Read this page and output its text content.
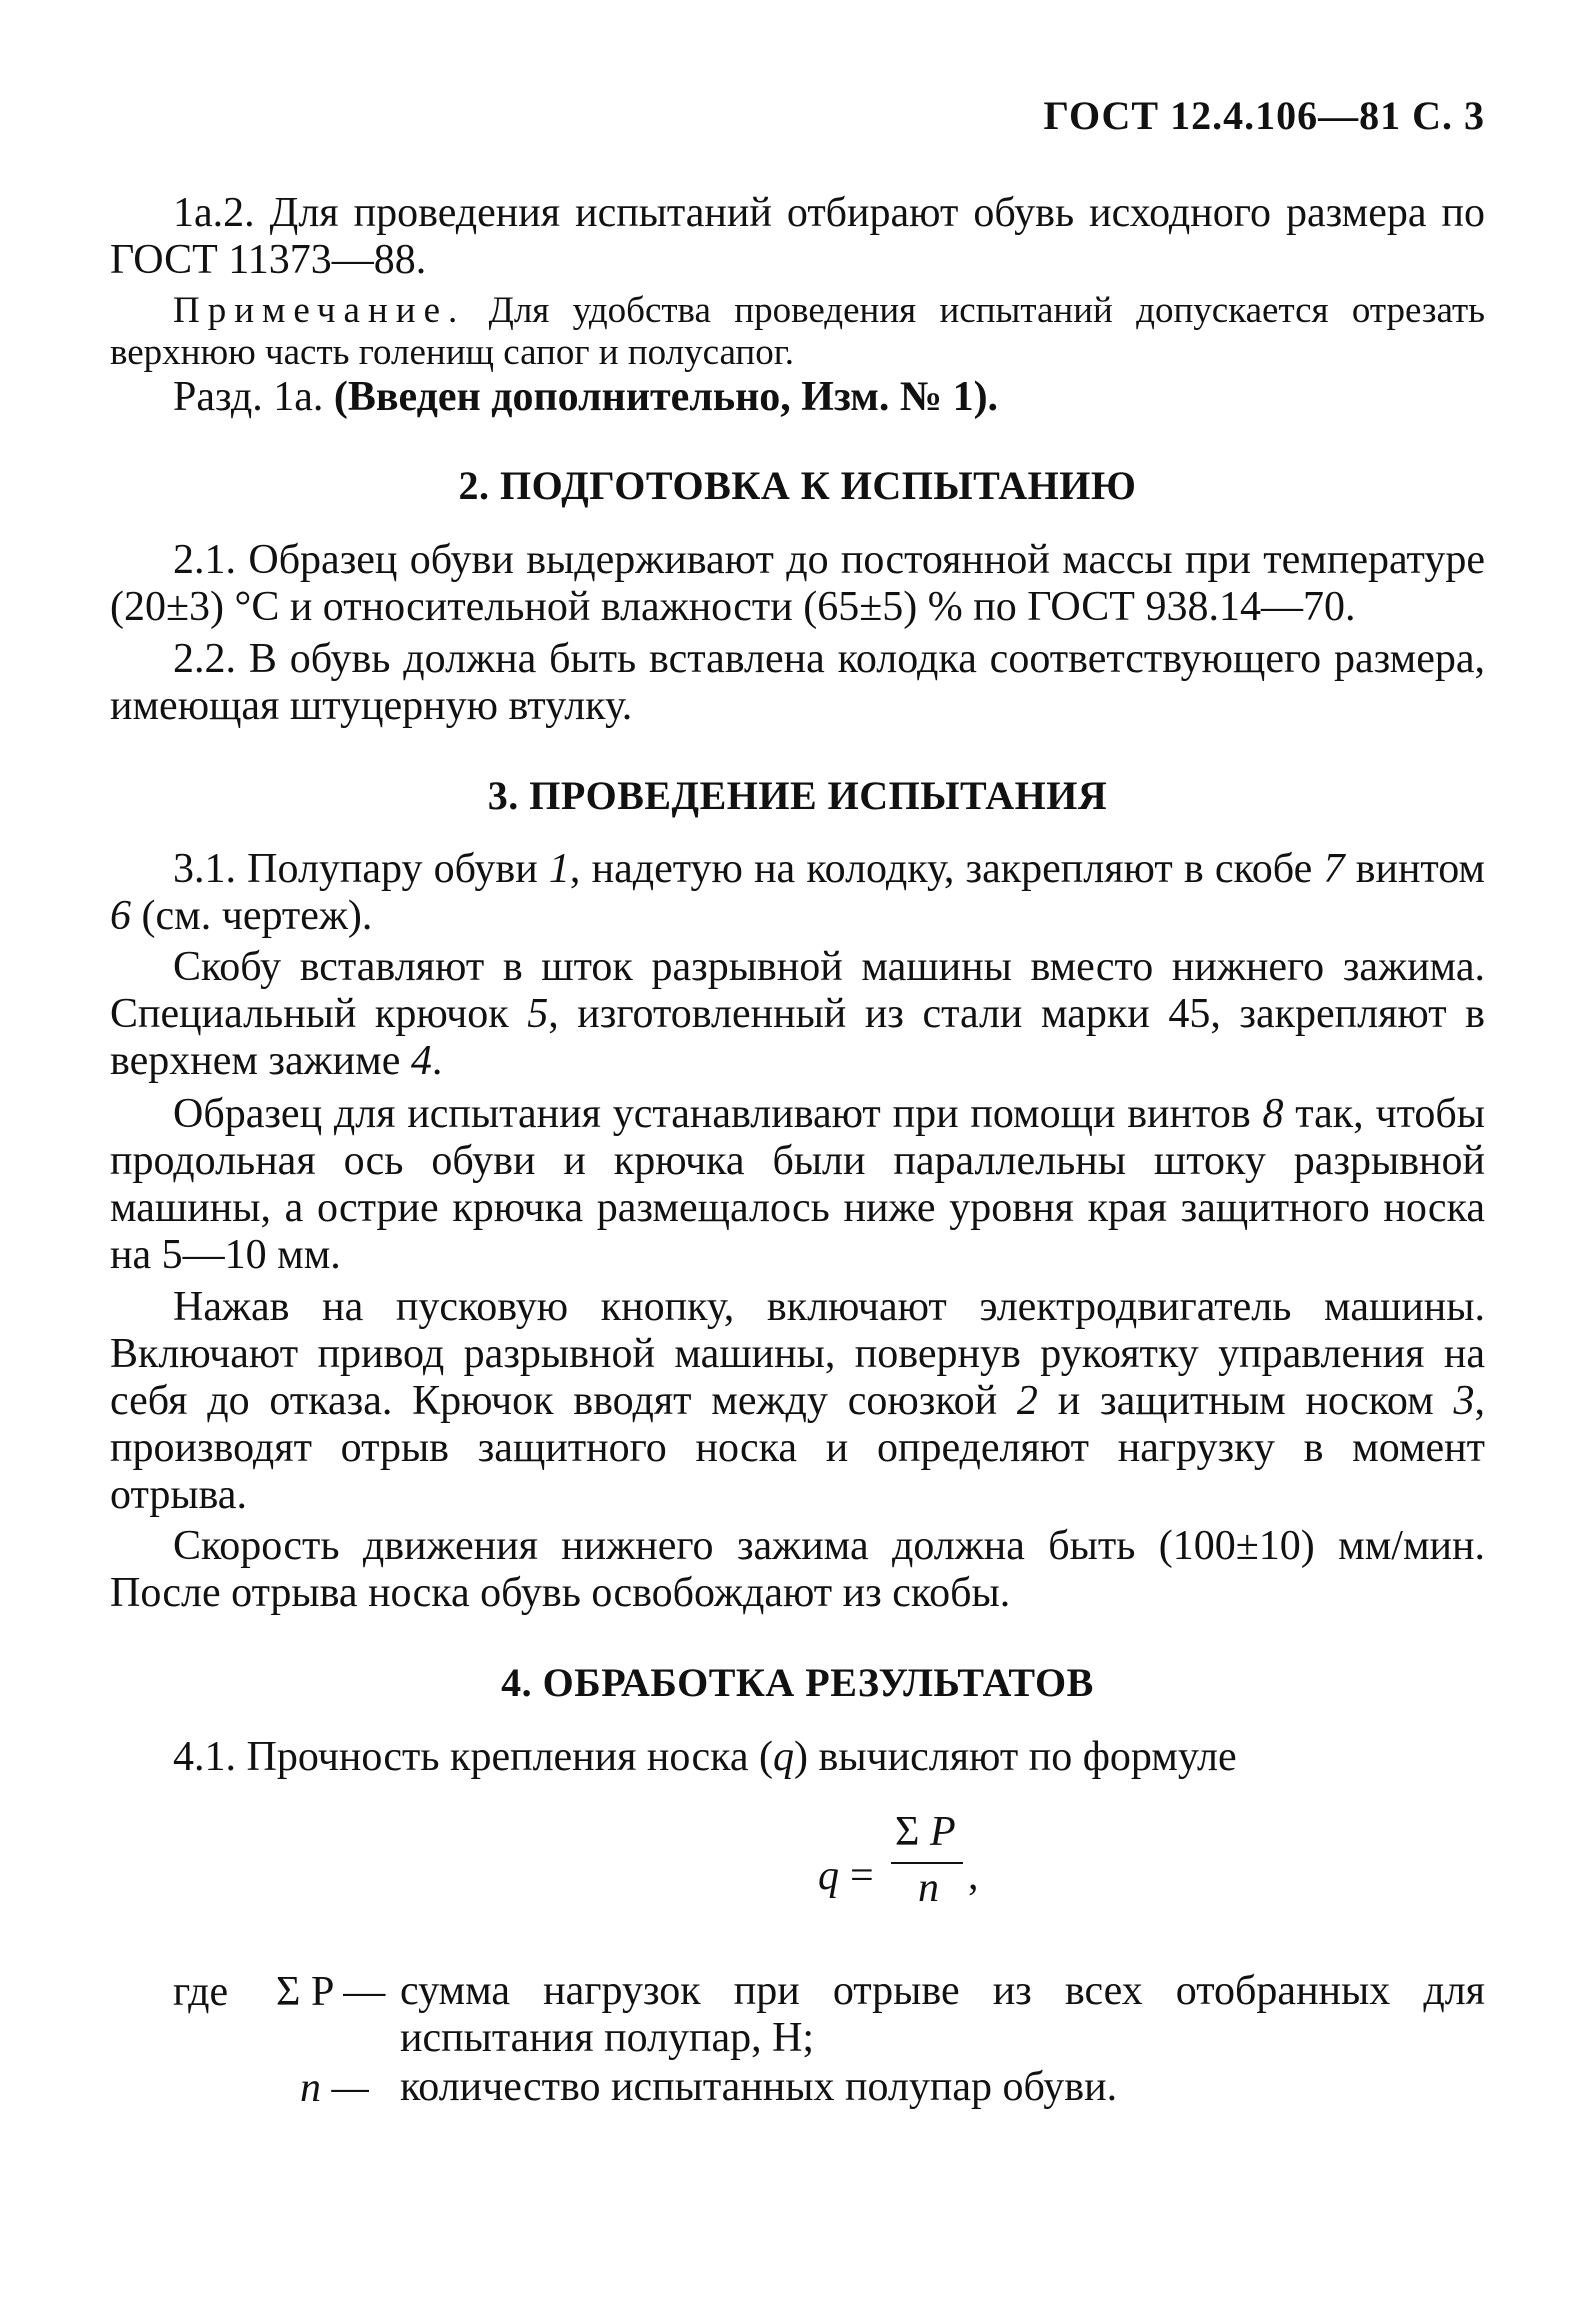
ГОСТ 12.4.106—81 С. 3
1а.2. Для проведения испытаний отбирают обувь исходного размера по ГОСТ 11373—88.
Примечание. Для удобства проведения испытаний допускается отрезать верхнюю часть голенищ сапог и полусапог.
Разд. 1а. (Введен дополнительно, Изм. № 1).
2. ПОДГОТОВКА К ИСПЫТАНИЮ
2.1. Образец обуви выдерживают до постоянной массы при температуре (20±3) °С и относительной влажности (65±5) % по ГОСТ 938.14—70.
2.2. В обувь должна быть вставлена колодка соответствующего размера, имеющая штуцерную втулку.
3. ПРОВЕДЕНИЕ ИСПЫТАНИЯ
3.1. Полупару обуви 1, надетую на колодку, закрепляют в скобе 7 винтом 6 (см. чертеж).
Скобу вставляют в шток разрывной машины вместо нижнего зажима. Специальный крючок 5, изготовленный из стали марки 45, закрепляют в верхнем зажиме 4.
Образец для испытания устанавливают при помощи винтов 8 так, чтобы продольная ось обуви и крючка были параллельны штоку разрывной машины, а острие крючка размещалось ниже уровня края защитного носка на 5—10 мм.
Нажав на пусковую кнопку, включают электродвигатель машины. Включают привод разрывной машины, повернув рукоятку управления на себя до отказа. Крючок вводят между союзкой 2 и защитным носком 3, производят отрыв защитного носка и определяют нагрузку в момент отрыва.
Скорость движения нижнего зажима должна быть (100±10) мм/мин. После отрыва носка обувь освобождают из скобы.
4. ОБРАБОТКА РЕЗУЛЬТАТОВ
4.1. Прочность крепления носка (q) вычисляют по формуле
q =
Σ P
n ,
где Σ P — сумма нагрузок при отрыве из всех отобранных для испытания полупар, Н;
n — количество испытанных полупар обуви.
